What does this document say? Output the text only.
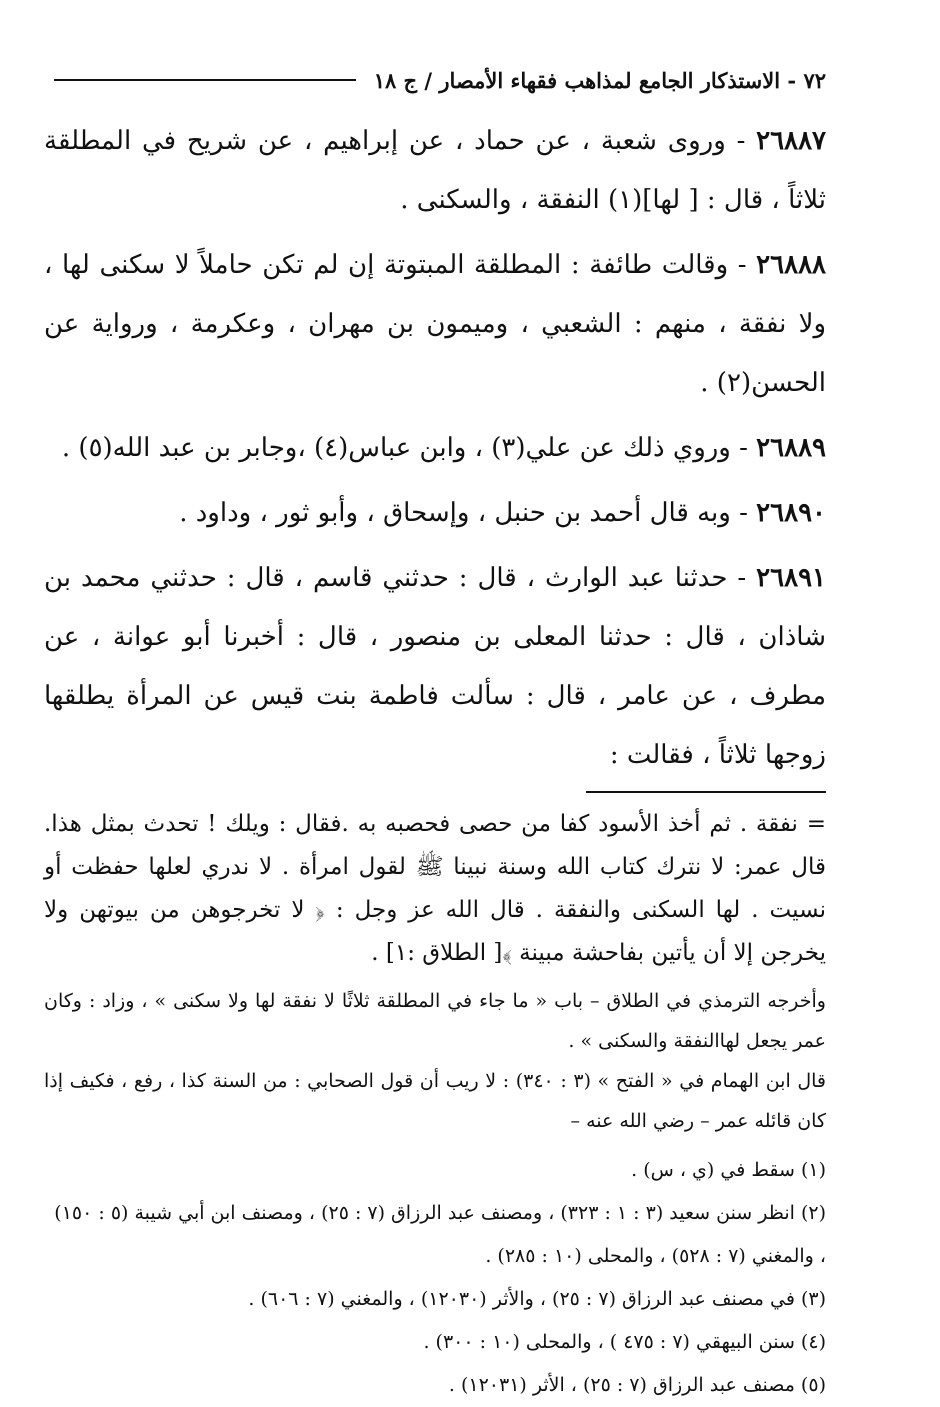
٧٢ - الاستذكار الجامع لمذاهب فقهاء الأمصار / ج ١٨

٢٦٨٨٧ - وروى شعبة ، عن حماد ، عن إبراهيم ، عن شريح في المطلقة ثلاثاً ، قال : [ لها](١) النفقة ، والسكنى .

٢٦٨٨٨ - وقالت طائفة : المطلقة المبتوتة إن لم تكن حاملاً لا سكنى لها ، ولا نفقة ، منهم : الشعبي ، وميمون بن مهران ، وعكرمة ، ورواية عن الحسن(٢) .

٢٦٨٨٩ - وروي ذلك عن علي(٣) ، وابن عباس(٤) ،وجابر بن عبد الله(٥) .

٢٦٨٩٠ - وبه قال أحمد بن حنبل ، وإسحاق ، وأبو ثور ، وداود .

٢٦٨٩١ - حدثنا عبد الوارث ، قال : حدثني قاسم ، قال : حدثني محمد بن شاذان ، قال : حدثنا المعلى بن منصور ، قال : أخبرنا أبو عوانة ، عن مطرف ، عن عامر ، قال : سألت فاطمة بنت قيس عن المرأة يطلقها زوجها ثلاثاً ، فقالت :

= نفقة . ثم أخذ الأسود كفا من حصى فحصبه به .فقال : ويلك ! تحدث بمثل هذا. قال عمر: لا نترك كتاب الله وسنة نبينا ﷺ لقول امرأة . لا ندري لعلها حفظت أو نسيت . لها السكنى والنفقة . قال الله عز وجل : ﴿ لا تخرجوهن من بيوتهن ولا يخرجن إلا أن يأتين بفاحشة مبينة ﴾[ الطلاق :١] .
وأخرجه الترمذي في الطلاق – باب « ما جاء في المطلقة ثلاثًا لا نفقة لها ولا سكنى » ، وزاد : وكان عمر يجعل لهاالنفقة والسكنى » .
قال ابن الهمام في « الفتح » (٣ : ٣٤٠) : لا ريب أن قول الصحابي : من السنة كذا ، رفع ، فكيف إذا كان قائله عمر – رضي الله عنه –

(١) سقط في (ي ، س) .

(٢) انظر سنن سعيد (٣ : ١ : ٣٢٣) ، ومصنف عبد الرزاق (٧ : ٢٥) ، ومصنف ابن أبي شيبة (٥ : ١٥٠) ، والمغني (٧ : ٥٢٨) ، والمحلى (١٠ : ٢٨٥) .

(٣) في مصنف عبد الرزاق (٧ : ٢٥) ، والأثر (١٢٠٣٠) ، والمغني (٧ : ٦٠٦) .

(٤) سنن البيهقي (٧ : ٤٧٥ ) ، والمحلى (١٠ : ٣٠٠) .

(٥) مصنف عبد الرزاق (٧ : ٢٥) ، الأثر (١٢٠٣١) .
